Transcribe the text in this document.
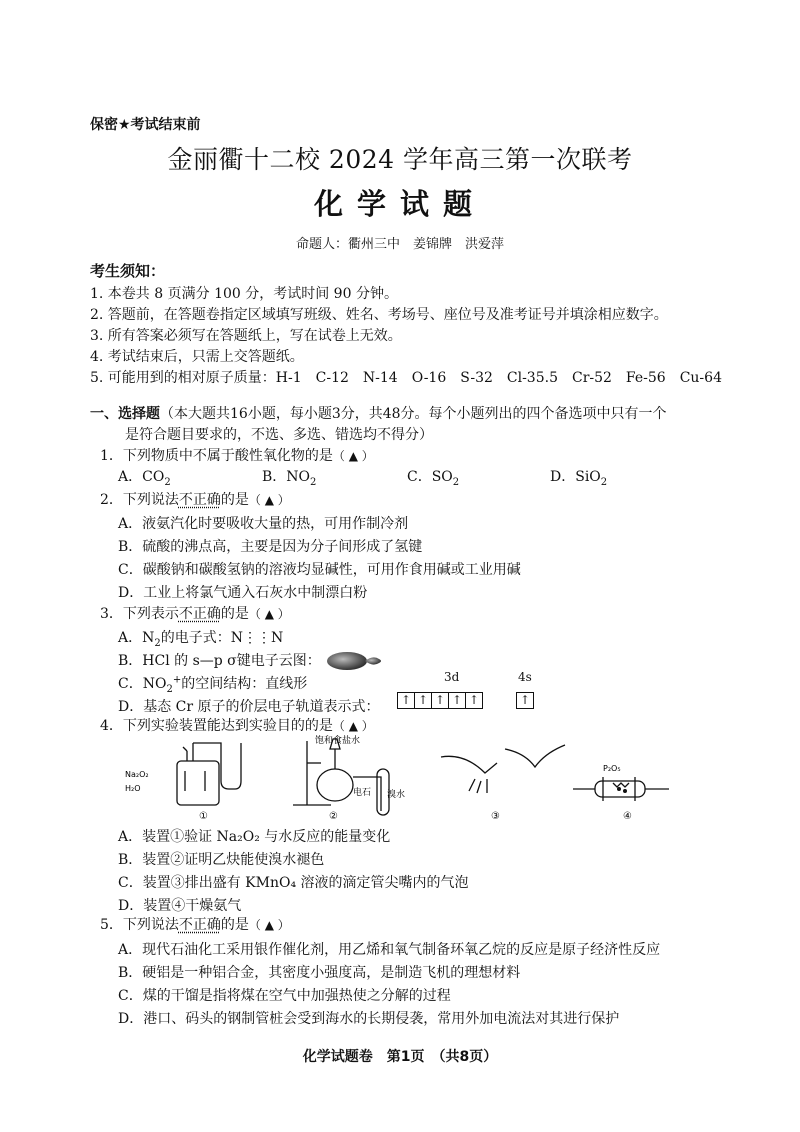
保密★考试结束前
金丽衢十二校 2024 学年高三第一次联考
化学试题
命题人：衢州三中　姜锦牌　洪爱萍
考生须知：
1. 本卷共 8 页满分 100 分，考试时间 90 分钟。
2. 答题前，在答题卷指定区域填写班级、姓名、考场号、座位号及准考证号并填涂相应数字。
3. 所有答案必须写在答题纸上，写在试卷上无效。
4. 考试结束后，只需上交答题纸。
5. 可能用到的相对原子质量：H-1　C-12　N-14　O-16　S-32　Cl-35.5　Cr-52　Fe-56　Cu-64
一、选择题（本大题共16小题，每小题3分，共48分。每个小题列出的四个备选项中只有一个
是符合题目要求的，不选、多选、错选均不得分）
1．下列物质中不属于酸性氧化物的是（ ▲ ）
A．$CO_2$	B．$NO_2$	C．$SO_2$	D．SiO$_2$
2．下列说法不正确的是（ ▲ ）
A．液氨汽化时要吸收大量的热，可用作制冷剂
B．硫酸的沸点高，主要是因为分子间形成了氢键
C．碳酸钠和碳酸氢钠的溶液均显碱性，可用作食用碱或工业用碱
D．工业上将氯气通入石灰水中制漂白粉
3．下列表示不正确的是（ ▲ ）
A．$N_2$的电子式：N⋮⋮N
B．HCl 的 s—p σ键电子云图：
C．$NO_2^+$的空间结构：直线形
D．基态 Cr 原子的价层电子轨道表示式：
3d	4s
↑ ↑ ↑ ↑ ↑	↑
4．下列实验装置能达到实验目的的是（ ▲ ）
Na₂O₂
H₂O
饱和食盐水
电石 溴水
P₂O₅
①	②	③	④
A．装置①验证 Na₂O₂ 与水反应的能量变化
B．装置②证明乙炔能使溴水褪色
C．装置③排出盛有 KMnO₄ 溶液的滴定管尖嘴内的气泡
D．装置④干燥氨气
5．下列说法不正确的是（ ▲ ）
A．现代石油化工采用银作催化剂，用乙烯和氧气制备环氧乙烷的反应是原子经济性反应
B．硬铝是一种铝合金，其密度小强度高，是制造飞机的理想材料
C．煤的干馏是指将煤在空气中加强热使之分解的过程
D．港口、码头的钢制管桩会受到海水的长期侵袭，常用外加电流法对其进行保护
化学试题卷　第1页　（共8页）
